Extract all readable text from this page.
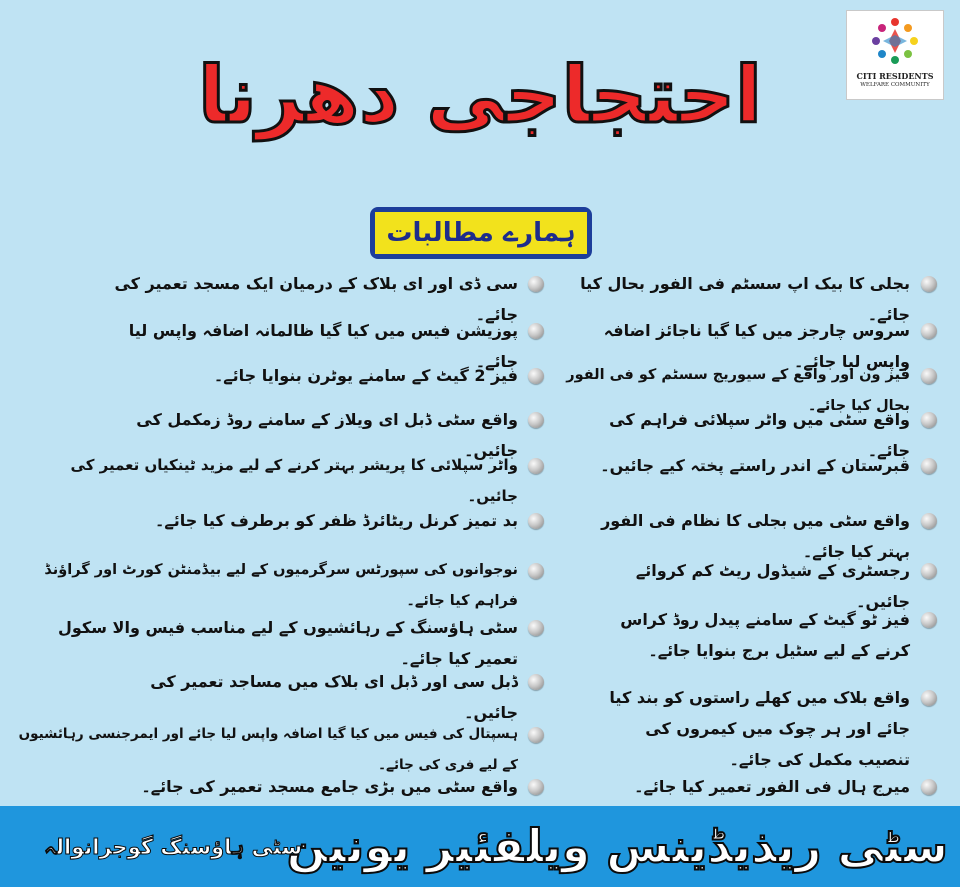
CITI RESIDENTS
WELFARE COMMUNITY
احتجاجی دھرنا
ہمارے مطالبات
بجلی کا بیک اپ سسٹم فی الفور بحال کیا جائے۔
سروس چارجز میں کیا گیا ناجائز اضافہ واپس لیا جائے۔
فیز ون اور واقع کے سیوریج سسٹم کو فی الفور بحال کیا جائے۔
واقع سٹی میں واٹر سپلائی فراہم کی جائے۔
قبرستان کے اندر راستے پختہ کیے جائیں۔
واقع سٹی میں بجلی کا نظام فی الفور بہتر کیا جائے۔
رجسٹری کے شیڈول ریٹ کم کروائے جائیں۔
فیز ٹو گیٹ کے سامنے پیدل روڈ کراس کرنے کے لیے سٹیل برج بنوایا جائے۔
واقع بلاک میں کھلے راستوں کو بند کیا جائے اور ہر چوک میں کیمروں کی تنصیب مکمل کی جائے۔
میرج ہال فی الفور تعمیر کیا جائے۔
سی ڈی اور ای بلاک کے درمیان ایک مسجد تعمیر کی جائے۔
پوزیشن فیس میں کیا گیا ظالمانہ اضافہ واپس لیا جائے۔
فیز 2 گیٹ کے سامنے یوٹرن بنوایا جائے۔
واقع سٹی ڈبل ای ویلاز کے سامنے روڈ زمکمل کی جائیں۔
واٹر سپلائی کا پریشر بہتر کرنے کے لیے مزید ٹینکیاں تعمیر کی جائیں۔
بد تمیز کرنل ریٹائرڈ ظفر کو برطرف کیا جائے۔
نوجوانوں کی سپورٹس سرگرمیوں کے لیے بیڈمنٹن کورٹ اور گراؤنڈ فراہم کیا جائے۔
سٹی ہاؤسنگ کے رہائشیوں کے لیے مناسب فیس والا سکول تعمیر کیا جائے۔
ڈبل سی اور ڈبل ای بلاک میں مساجد تعمیر کی جائیں۔
ہسپتال کی فیس میں کیا گیا اضافہ واپس لیا جائے اور ایمرجنسی رہائشیوں کے لیے فری کی جائے۔
واقع سٹی میں بڑی جامع مسجد تعمیر کی جائے۔
سٹی ریذیڈینس ویلفئیر یونین
سٹی ہاؤسنگ گوجرانوالہ
